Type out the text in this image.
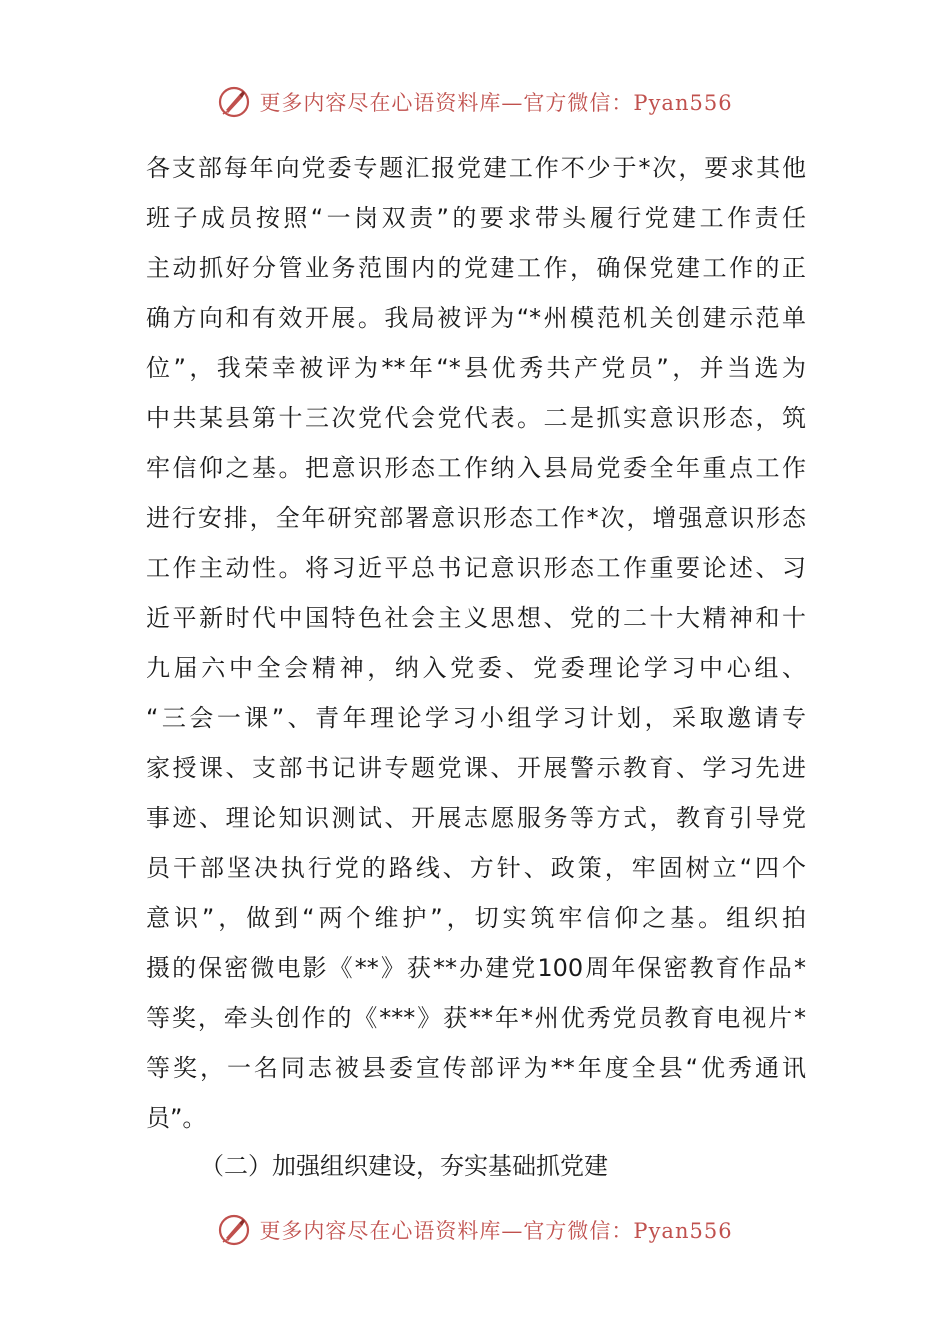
更多内容尽在心语资料库—官方微信：Pyan556
各支部每年向党委专题汇报党建工作不少于*次，要求其他
班子成员按照“一岗双责”的要求带头履行党建工作责任
主动抓好分管业务范围内的党建工作，确保党建工作的正
确方向和有效开展。我局被评为“*州模范机关创建示范单
位”，我荣幸被评为**年“*县优秀共产党员”，并当选为
中共某县第十三次党代会党代表。二是抓实意识形态，筑
牢信仰之基。把意识形态工作纳入县局党委全年重点工作
进行安排，全年研究部署意识形态工作*次，增强意识形态
工作主动性。将习近平总书记意识形态工作重要论述、习
近平新时代中国特色社会主义思想、党的二十大精神和十
九届六中全会精神，纳入党委、党委理论学习中心组、
“三会一课”、青年理论学习小组学习计划，采取邀请专
家授课、支部书记讲专题党课、开展警示教育、学习先进
事迹、理论知识测试、开展志愿服务等方式，教育引导党
员干部坚决执行党的路线、方针、政策，牢固树立“四个
意识”，做到“两个维护”，切实筑牢信仰之基。组织拍
摄的保密微电影《**》获**办建党100周年保密教育作品*
等奖，牵头创作的《***》获**年*州优秀党员教育电视片*
等奖，一名同志被县委宣传部评为**年度全县“优秀通讯
员”。
（二）加强组织建设，夯实基础抓党建
更多内容尽在心语资料库—官方微信：Pyan556
